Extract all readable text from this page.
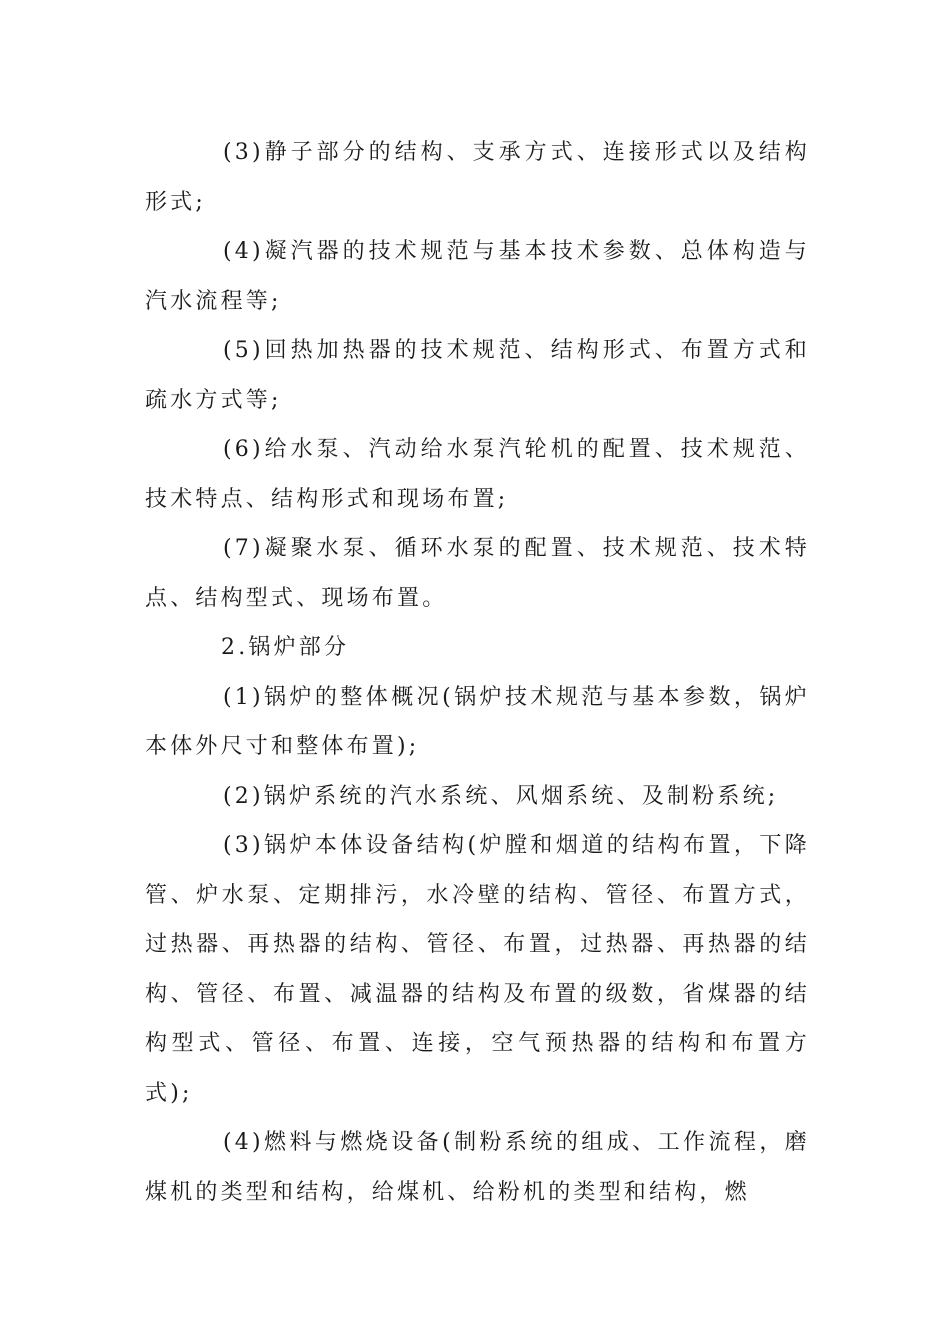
(3)静子部分的结构、支承方式、连接形式以及结构形式;

(4)凝汽器的技术规范与基本技术参数、总体构造与汽水流程等;

(5)回热加热器的技术规范、结构形式、布置方式和疏水方式等;

(6)给水泵、汽动给水泵汽轮机的配置、技术规范、技术特点、结构形式和现场布置;

(7)凝聚水泵、循环水泵的配置、技术规范、技术特点、结构型式、现场布置。

2.锅炉部分

(1)锅炉的整体概况(锅炉技术规范与基本参数，锅炉本体外尺寸和整体布置);

(2)锅炉系统的汽水系统、风烟系统、及制粉系统;

(3)锅炉本体设备结构(炉膛和烟道的结构布置，下降管、炉水泵、定期排污，水冷壁的结构、管径、布置方式，过热器、再热器的结构、管径、布置，过热器、再热器的结构、管径、布置、减温器的结构及布置的级数，省煤器的结构型式、管径、布置、连接，空气预热器的结构和布置方式);

(4)燃料与燃烧设备(制粉系统的组成、工作流程，磨煤机的类型和结构，给煤机、给粉机的类型和结构，燃
